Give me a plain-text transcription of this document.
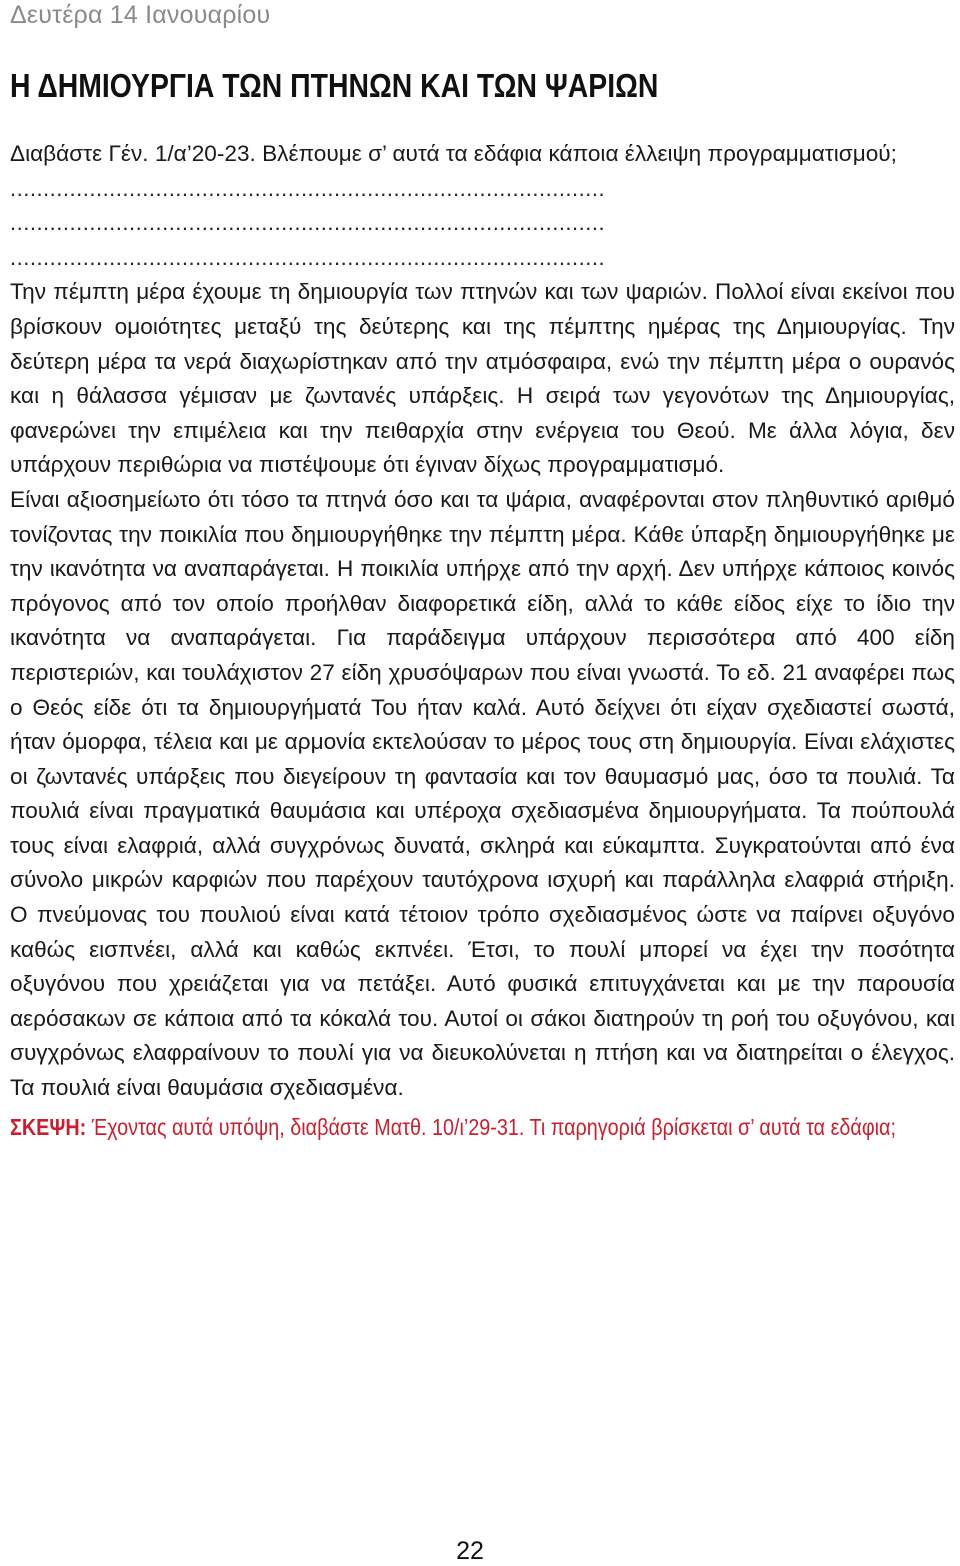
Δευτέρα 14 Ιανουαρίου
Η ΔΗΜΙΟΥΡΓΙΑ ΤΩΝ ΠΤΗΝΩΝ ΚΑΙ ΤΩΝ ΨΑΡΙΩΝ
Διαβάστε Γέν. 1/α’20-23. Βλέπουμε σ’ αυτά τα εδάφια κάποια έλλειψη προγραμματισμού;
..........................................................................................
..........................................................................................
..........................................................................................

Την πέμπτη μέρα έχουμε τη δημιουργία των πτηνών και των ψαριών. Πολλοί είναι εκείνοι που βρίσκουν ομοιότητες μεταξύ της δεύτερης και της πέμπτης ημέρας της Δημιουργίας. Την δεύτερη μέρα τα νερά διαχωρίστηκαν από την ατμόσφαιρα, ενώ την πέμπτη μέρα ο ουρανός και η θάλασσα γέμισαν με ζωντανές υπάρξεις. Η σειρά των γεγονότων της Δημιουργίας, φανερώνει την επιμέλεια και την πειθαρχία στην ενέργεια του Θεού. Με άλλα λόγια, δεν υπάρχουν περιθώρια να πιστέψουμε ότι έγιναν δίχως προγραμματισμό.

Είναι αξιοσημείωτο ότι τόσο τα πτηνά όσο και τα ψάρια, αναφέρονται στον πληθυντικό αριθμό τονίζοντας την ποικιλία που δημιουργήθηκε την πέμπτη μέρα. Κάθε ύπαρξη δημιουργήθηκε με την ικανότητα να αναπαράγεται. Η ποικιλία υπήρχε από την αρχή. Δεν υπήρχε κάποιος κοινός πρόγονος από τον οποίο προήλθαν διαφορετικά είδη, αλλά το κάθε είδος είχε το ίδιο την ικανότητα να αναπαράγεται. Για παράδειγμα υπάρχουν περισσότερα από 400 είδη περιστεριών, και τουλάχιστον 27 είδη χρυσόψαρων που είναι γνωστά. Το εδ. 21 αναφέρει πως ο Θεός είδε ότι τα δημιουργήματά Του ήταν καλά. Αυτό δείχνει ότι είχαν σχεδιαστεί σωστά, ήταν όμορφα, τέλεια και με αρμονία εκτελούσαν το μέρος τους στη δημιουργία. Είναι ελάχιστες οι ζωντανές υπάρξεις που διεγείρουν τη φαντασία και τον θαυμασμό μας, όσο τα πουλιά. Τα πουλιά είναι πραγματικά θαυμάσια και υπέροχα σχεδιασμένα δημιουργήματα. Τα πούπουλά τους είναι ελαφριά, αλλά συγχρόνως δυνατά, σκληρά και εύκαμπτα. Συγκρατούνται από ένα σύνολο μικρών καρφιών που παρέχουν ταυτόχρονα ισχυρή και παράλληλα ελαφριά στήριξη. Ο πνεύμονας του πουλιού είναι κατά τέτοιον τρόπο σχεδιασμένος ώστε να παίρνει οξυγόνο καθώς εισπνέει, αλλά και καθώς εκπνέει. Έτσι, το πουλί μπορεί να έχει την ποσότητα οξυγόνου που χρειάζεται για να πετάξει. Αυτό φυσικά επιτυγχάνεται και με την παρουσία αερόσακων σε κάποια από τα κόκαλά του. Αυτοί οι σάκοι διατηρούν τη ροή του οξυγόνου, και συγχρόνως ελαφραίνουν το πουλί για να διευκολύνεται η πτήση και να διατηρείται ο έλεγχος. Τα πουλιά είναι θαυμάσια σχεδιασμένα.

ΣΚΕΨΗ: Έχοντας αυτά υπόψη, διαβάστε Ματθ. 10/ι’29-31. Τι παρηγοριά βρίσκεται σ’ αυτά τα εδάφια;
22
